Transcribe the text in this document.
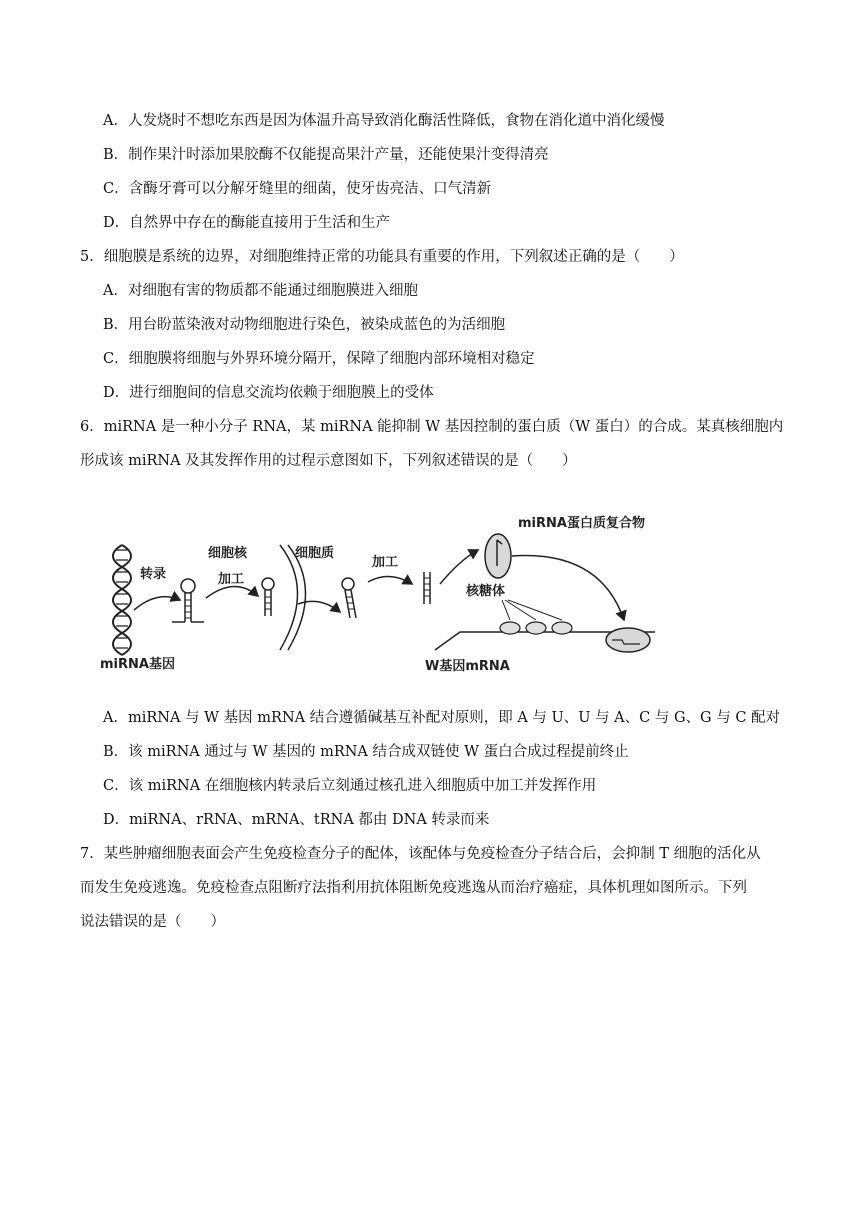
A．人发烧时不想吃东西是因为体温升高导致消化酶活性降低，食物在消化道中消化缓慢
B．制作果汁时添加果胶酶不仅能提高果汁产量，还能使果汁变得清亮
C．含酶牙膏可以分解牙缝里的细菌，使牙齿亮洁、口气清新
D．自然界中存在的酶能直接用于生活和生产
5．细胞膜是系统的边界，对细胞维持正常的功能具有重要的作用，下列叙述正确的是（　　）
A．对细胞有害的物质都不能通过细胞膜进入细胞
B．用台盼蓝染液对动物细胞进行染色，被染成蓝色的为活细胞
C．细胞膜将细胞与外界环境分隔开，保障了细胞内部环境相对稳定
D．进行细胞间的信息交流均依赖于细胞膜上的受体
6．miRNA 是一种小分子 RNA，某 miRNA 能抑制 W 基因控制的蛋白质（W 蛋白）的合成。某真核细胞内
形成该 miRNA 及其发挥作用的过程示意图如下，下列叙述错误的是（　　）
miRNA基因
转录
细胞核
加工
细胞质
加工
miRNA蛋白质复合物
核糖体
W基因mRNA
A．miRNA 与 W 基因 mRNA 结合遵循碱基互补配对原则，即 A 与 U、U 与 A、C 与 G、G 与 C 配对
B．该 miRNA 通过与 W 基因的 mRNA 结合成双链使 W 蛋白合成过程提前终止
C．该 miRNA 在细胞核内转录后立刻通过核孔进入细胞质中加工并发挥作用
D．miRNA、rRNA、mRNA、tRNA 都由 DNA 转录而来
7．某些肿瘤细胞表面会产生免疫检查分子的配体，该配体与免疫检查分子结合后，会抑制 T 细胞的活化从
而发生免疫逃逸。免疫检查点阻断疗法指利用抗体阻断免疫逃逸从而治疗癌症，具体机理如图所示。下列
说法错误的是（　　）
